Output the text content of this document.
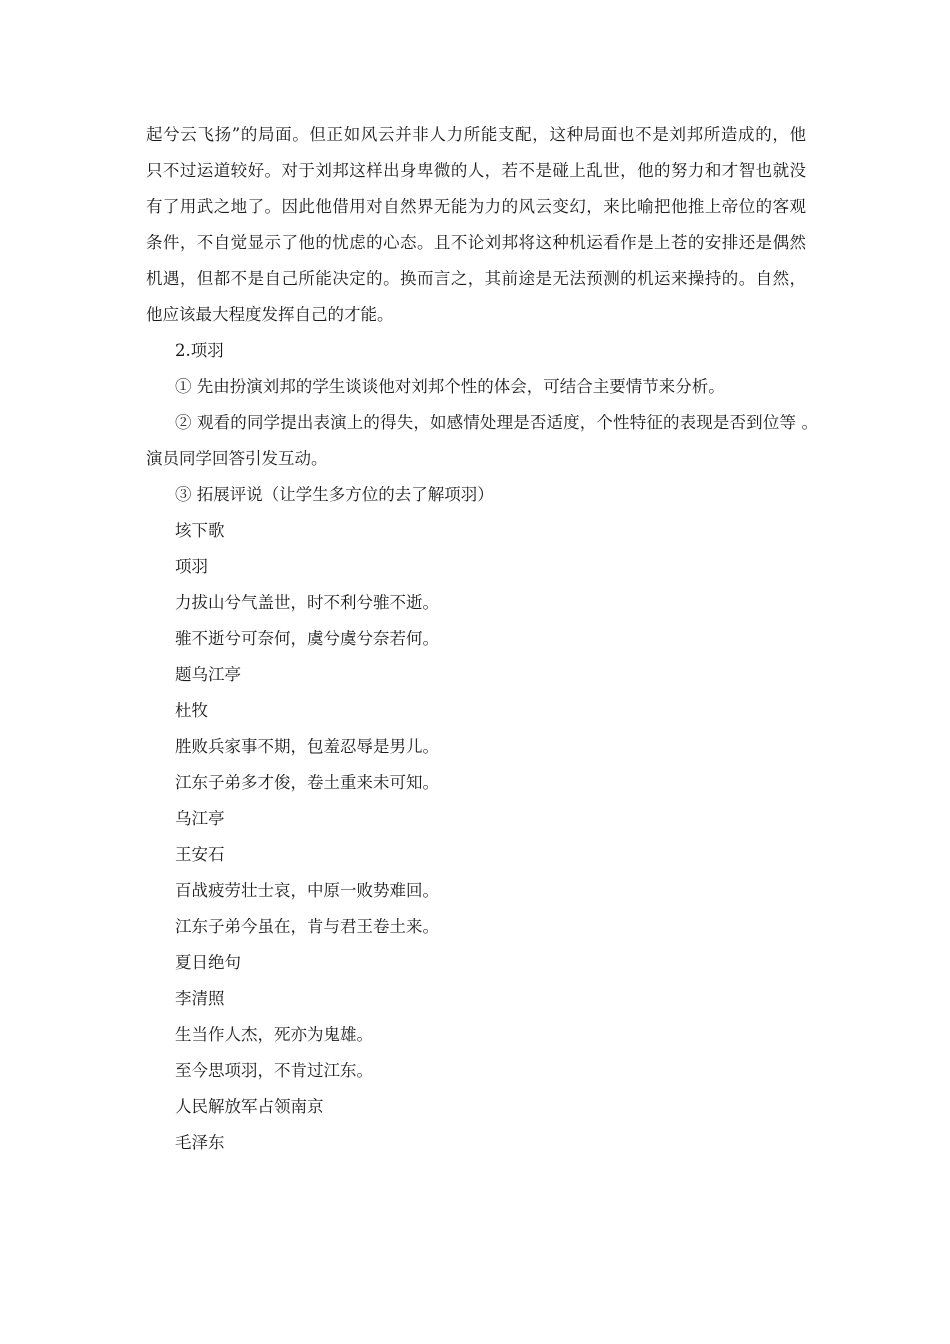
起兮云飞扬”的局面。但正如风云并非人力所能支配，这种局面也不是刘邦所造成的，他

只不过运道较好。对于刘邦这样出身卑微的人，若不是碰上乱世，他的努力和才智也就没

有了用武之地了。因此他借用对自然界无能为力的风云变幻，来比喻把他推上帝位的客观

条件，不自觉显示了他的忧虑的心态。且不论刘邦将这种机运看作是上苍的安排还是偶然

机遇，但都不是自己所能决定的。换而言之，其前途是无法预测的机运来操持的。自然，

他应该最大程度发挥自己的才能。

2.项羽

① 先由扮演刘邦的学生谈谈他对刘邦个性的体会，可结合主要情节来分析。

② 观看的同学提出表演上的得失，如感情处理是否适度，个性特征的表现是否到位等 。

演员同学回答引发互动。

③ 拓展评说（让学生多方位的去了解项羽）

垓下歌

项羽

力拔山兮气盖世，时不利兮骓不逝。

骓不逝兮可奈何，虞兮虞兮奈若何。

题乌江亭

杜牧

胜败兵家事不期，包羞忍辱是男儿。

江东子弟多才俊，卷土重来未可知。

乌江亭

王安石

百战疲劳壮士哀，中原一败势难回。

江东子弟今虽在，肯与君王卷土来。

夏日绝句

李清照

生当作人杰，死亦为鬼雄。

至今思项羽，不肯过江东。

人民解放军占领南京

毛泽东
